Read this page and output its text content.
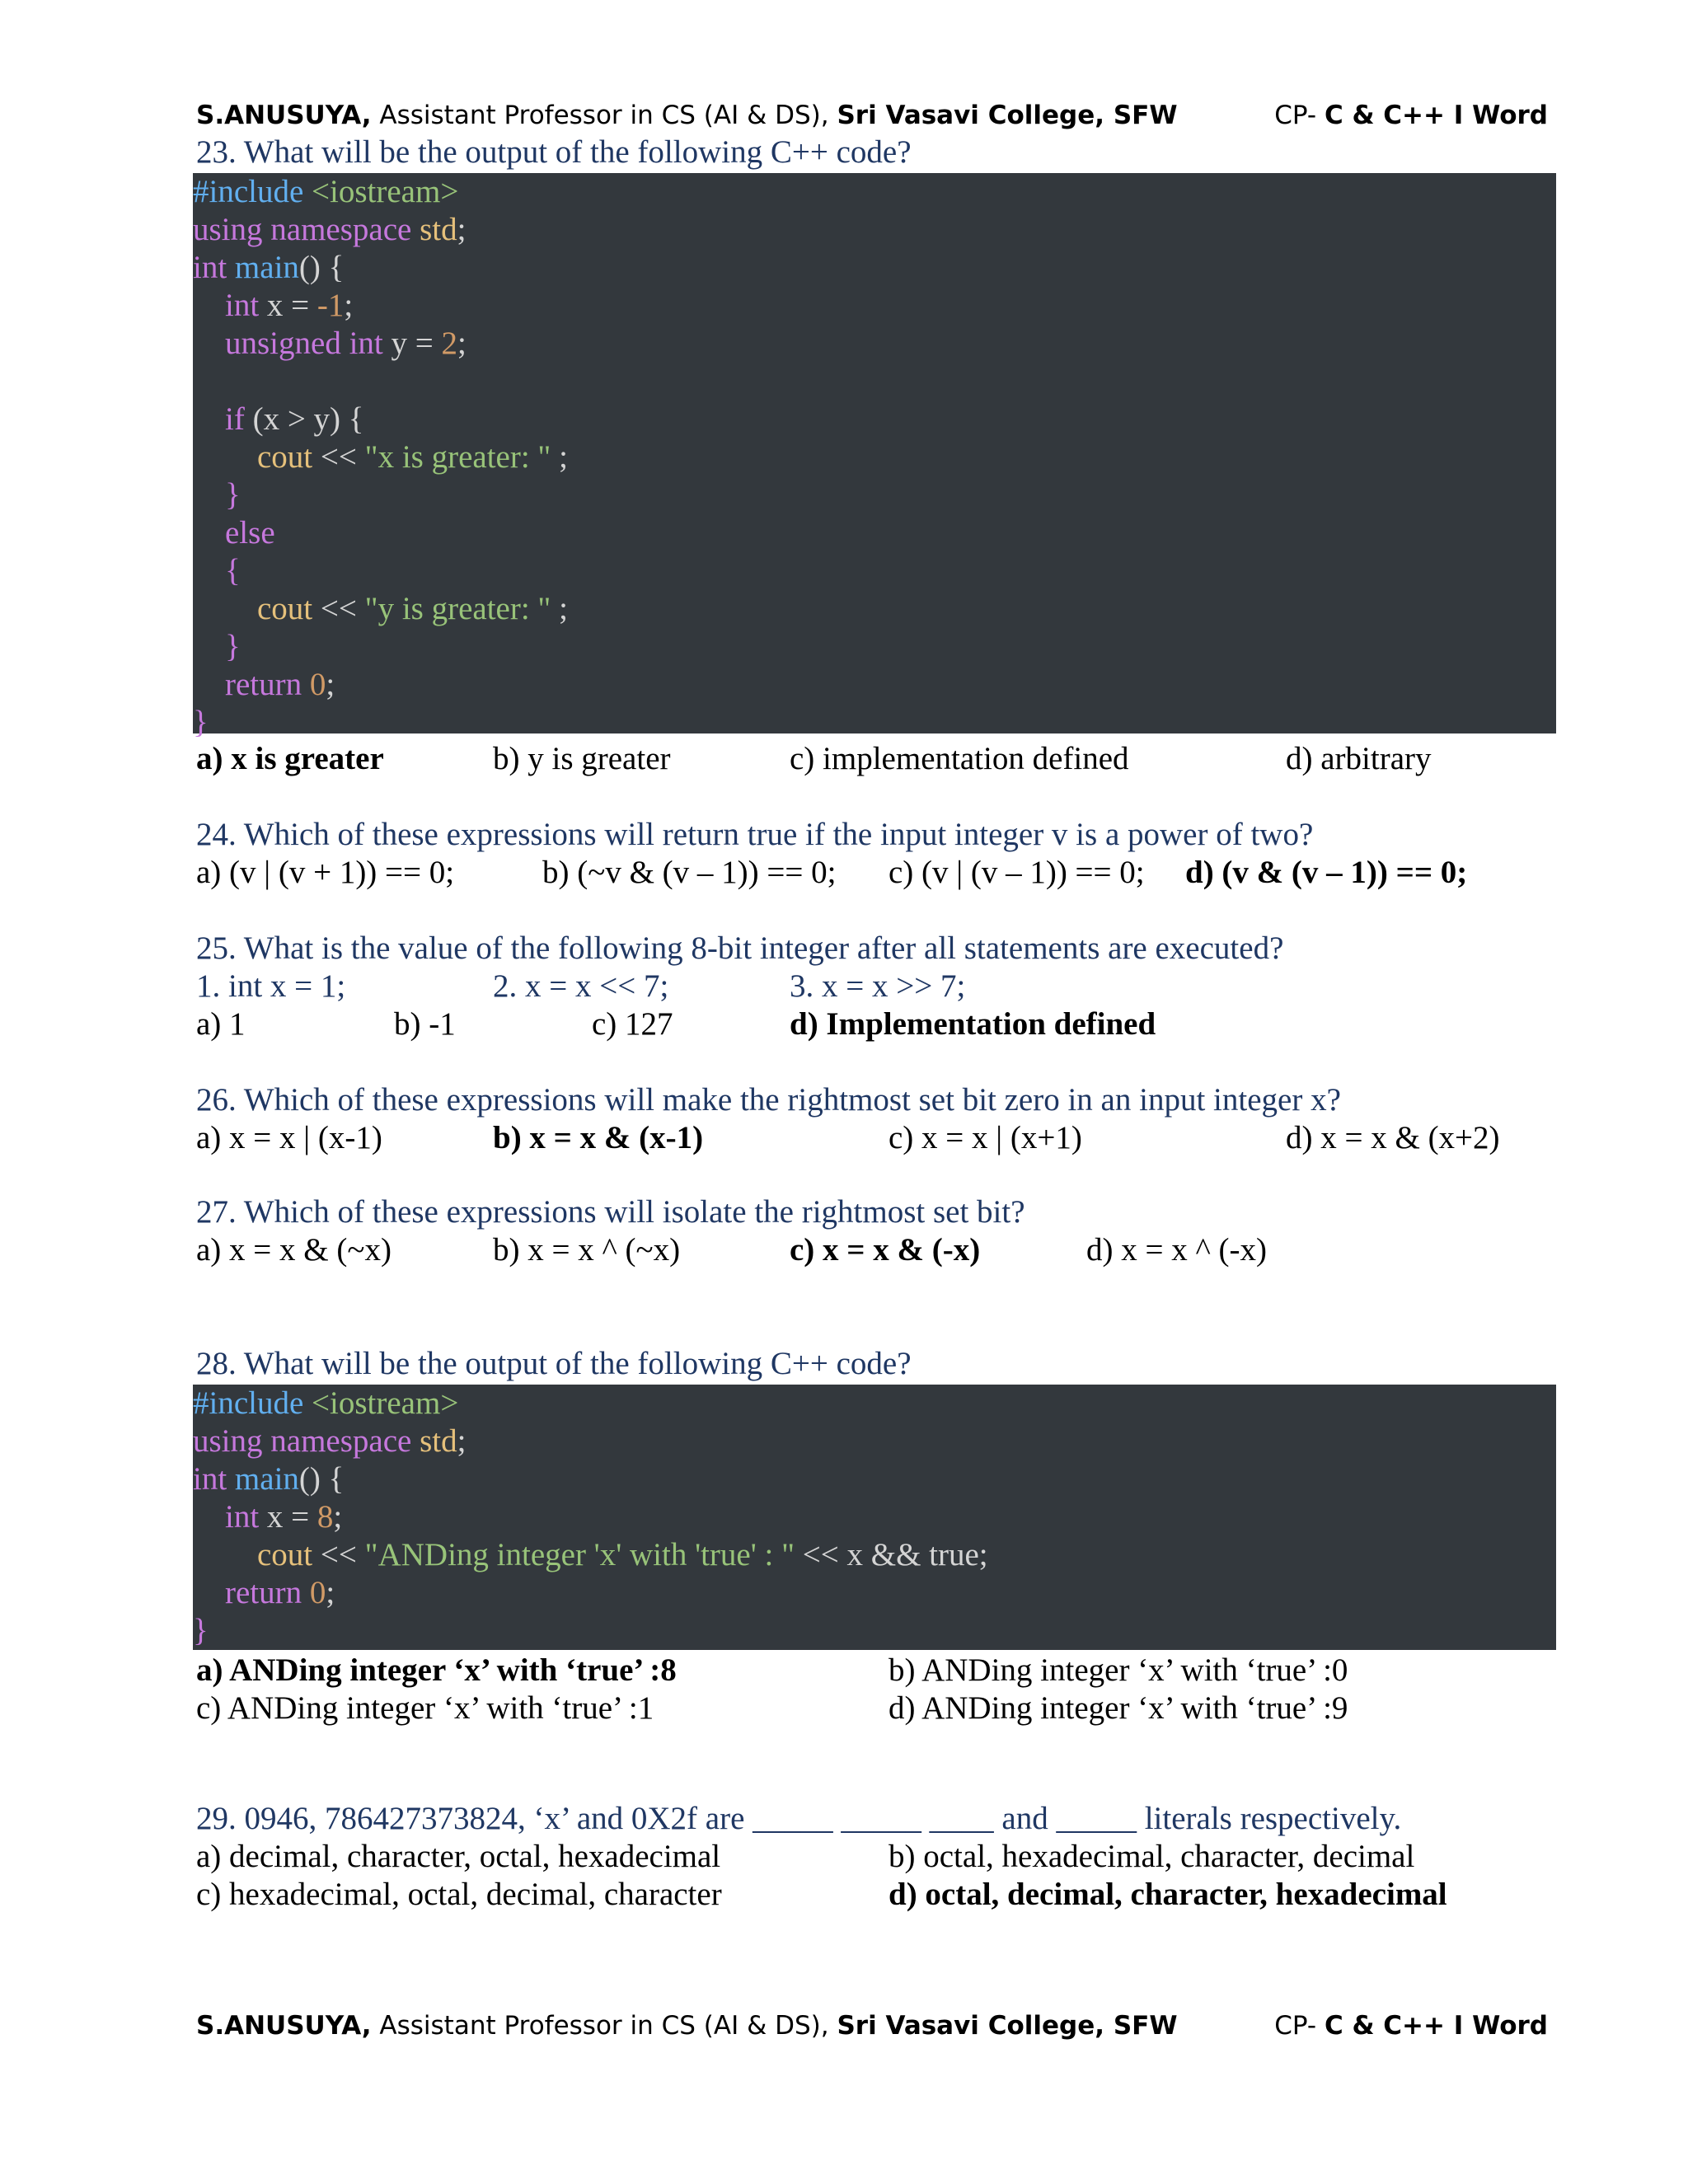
S.ANUSUYA, Assistant Professor in CS (AI & DS), Sri Vasavi College, SFW	CP- C & C++ I Word
23. What will be the output of the following C++ code?
#include <iostream>
using namespace std;
int main() {
int x = -1;
unsigned int y = 2;

if (x > y) {
cout << "x is greater: " ;
}
else
{
cout << "y is greater: " ;
}
return 0;
}
a) x is greater	b) y is greater	c) implementation defined	d) arbitrary
24. Which of these expressions will return true if the input integer v is a power of two?
a) (v | (v + 1)) == 0;	b) (~v & (v – 1)) == 0; c) (v | (v – 1)) == 0; d) (v & (v – 1)) == 0;
25. What is the value of the following 8-bit integer after all statements are executed?
1. int x = 1;	2. x = x << 7;	3. x = x >> 7;
a) 1	b) -1	c) 127	d) Implementation defined
26. Which of these expressions will make the rightmost set bit zero in an input integer x?
a) x = x | (x-1)	b) x = x & (x-1)	c) x = x | (x+1)	d) x = x & (x+2)
27. Which of these expressions will isolate the rightmost set bit?
a) x = x & (~x)	b) x = x ^ (~x)	c) x = x & (-x)	d) x = x ^ (-x)
28. What will be the output of the following C++ code?
#include <iostream>
using namespace std;
int main() {
int x = 8;
cout << "ANDing integer 'x' with 'true' : " << x && true;
return 0;
}
a) ANDing integer ‘x’ with ‘true’ :8	b) ANDing integer ‘x’ with ‘true’ :0
c) ANDing integer ‘x’ with ‘true’ :1	d) ANDing integer ‘x’ with ‘true’ :9
29. 0946, 786427373824, ‘x’ and 0X2f are _____ _____ ____ and _____ literals respectively.
a) decimal, character, octal, hexadecimal	b) octal, hexadecimal, character, decimal
c) hexadecimal, octal, decimal, character	d) octal, decimal, character, hexadecimal
S.ANUSUYA, Assistant Professor in CS (AI & DS), Sri Vasavi College, SFW	CP- C & C++ I Word
